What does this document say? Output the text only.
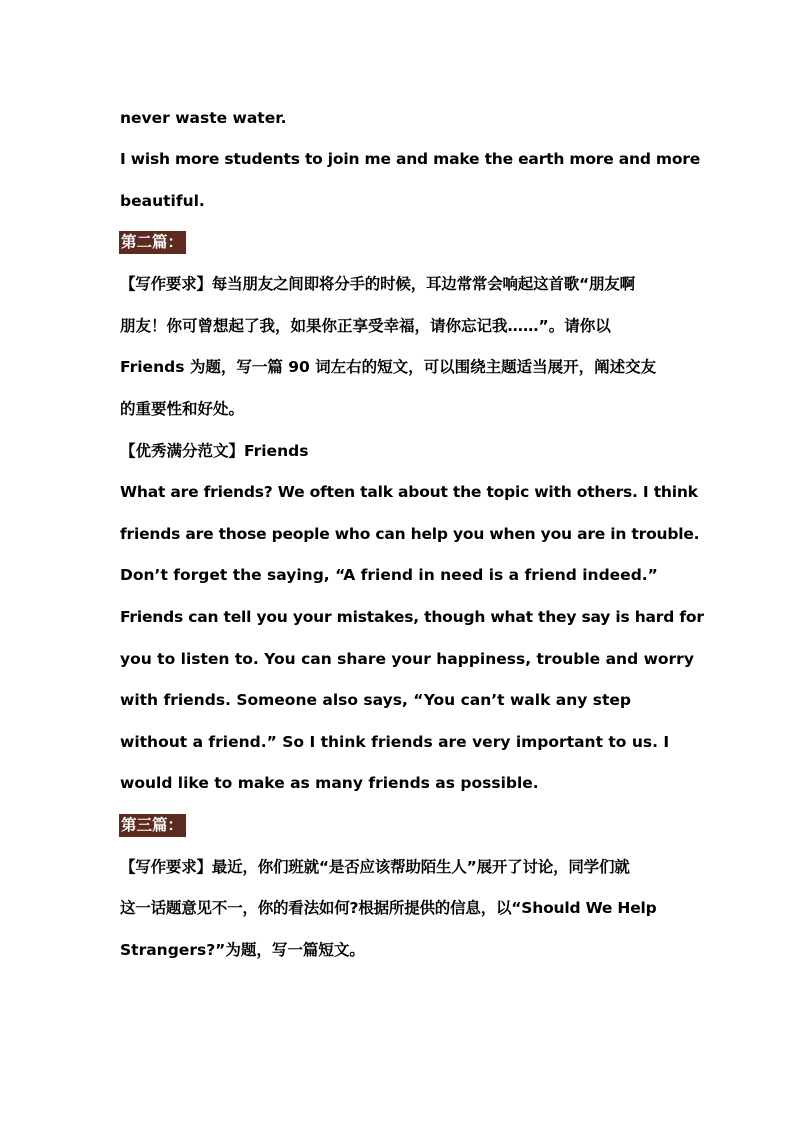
never waste water.
I wish more students to join me and make the earth more and more
beautiful.
第二篇：
【写作要求】每当朋友之间即将分手的时候，耳边常常会响起这首歌“朋友啊
朋友！你可曾想起了我，如果你正享受幸福，请你忘记我……”。请你以
Friends 为题，写一篇 90 词左右的短文，可以围绕主题适当展开，阐述交友
的重要性和好处。
【优秀满分范文】Friends
What are friends? We often talk about the topic with others. I think
friends are those people who can help you when you are in trouble.
Don’t forget the saying, “A friend in need is a friend indeed.”
Friends can tell you your mistakes, though what they say is hard for
you to listen to. You can share your happiness, trouble and worry
with friends. Someone also says, “You can’t walk any step
without a friend.” So I think friends are very important to us. I
would like to make as many friends as possible.
第三篇：
【写作要求】最近，你们班就“是否应该帮助陌生人”展开了讨论，同学们就
这一话题意见不一，你的看法如何?根据所提供的信息，以“Should We Help
Strangers?”为题，写一篇短文。
